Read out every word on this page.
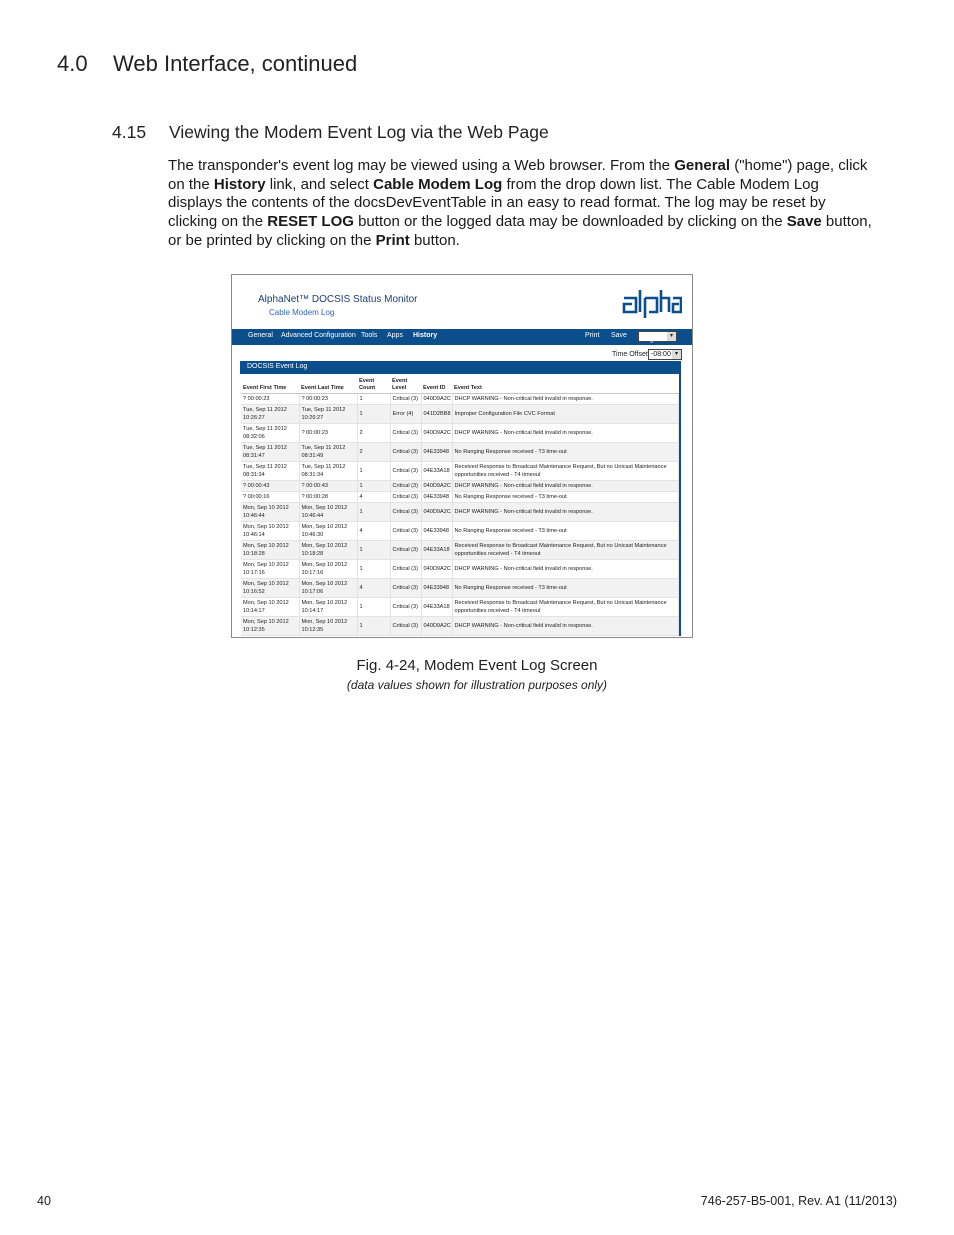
4.0 Web Interface, continued
4.15 Viewing the Modem Event Log via the Web Page
The transponder's event log may be viewed using a Web browser. From the General ("home") page, click on the History link, and select Cable Modem Log from the drop down list. The Cable Modem Log displays the contents of the docsDevEventTable in an easy to read format. The log may be reset by clicking on the RESET LOG button or the logged data may be downloaded by clicking on the Save button, or be printed by clicking on the Print button.
AlphaNet™ DOCSIS Status Monitor
Cable Modem Log
General Advanced Configuration Tools Apps History	Print Save
English	▾
Time Offset -08:00 ▾
DOCSIS Event Log
Event First Time	Event Last Time	Event Count	Event Level	Event ID	Event Text
? 00:00:23	? 00:00:23	1	Critical (3)	040D9A2C	DHCP WARNING - Non-critical field invalid in response.
Tue, Sep 11 2012 10:26:27	Tue, Sep 11 2012 10:26:27	1	Error (4)	041D2BB8	Improper Configuration File CVC Format
Tue, Sep 11 2012 08:32:06	? 00:00:23	2	Critical (3)	040D9A2C	DHCP WARNING - Non-critical field invalid in response.
Tue, Sep 11 2012 08:31:47	Tue, Sep 11 2012 08:31:49	2	Critical (3)	04E33948	No Ranging Response received - T3 time-out
Tue, Sep 11 2012 08:31:34	Tue, Sep 11 2012 08:31:34	1	Critical (3)	04E33A18	Received Response to Broadcast Maintenance Request, But no Unicast Maintenance opportunities received - T4 timeout
? 00:00:43	? 00:00:43	1	Critical (3)	040D9A2C	DHCP WARNING - Non-critical field invalid in response.
? 00:00:16	? 00:00:28	4	Critical (3)	04E33948	No Ranging Response received - T3 time-out
Mon, Sep 10 2012 10:46:44	Mon, Sep 10 2012 10:46:44	1	Critical (3)	040D9A2C	DHCP WARNING - Non-critical field invalid in response.
Mon, Sep 10 2012 10:46:14	Mon, Sep 10 2012 10:46:30	4	Critical (3)	04E33948	No Ranging Response received - T3 time-out
Mon, Sep 10 2012 10:18:28	Mon, Sep 10 2012 10:18:28	1	Critical (3)	04E33A18	Received Response to Broadcast Maintenance Request, But no Unicast Maintenance opportunities received - T4 timeout
Mon, Sep 10 2012 10:17:16	Mon, Sep 10 2012 10:17:16	1	Critical (3)	040D9A2C	DHCP WARNING - Non-critical field invalid in response.
Mon, Sep 10 2012 10:16:52	Mon, Sep 10 2012 10:17:06	4	Critical (3)	04E33948	No Ranging Response received - T3 time-out
Mon, Sep 10 2012 10:14:17	Mon, Sep 10 2012 10:14:17	1	Critical (3)	04E33A18	Received Response to Broadcast Maintenance Request, But no Unicast Maintenance opportunities received - T4 timeout
Mon, Sep 10 2012 10:12:35	Mon, Sep 10 2012 10:12:35	1	Critical (3)	040D9A2C	DHCP WARNING - Non-critical field invalid in response.
Fig. 4-24, Modem Event Log Screen
(data values shown for illustration purposes only)
40	746-257-B5-001, Rev. A1 (11/2013)
